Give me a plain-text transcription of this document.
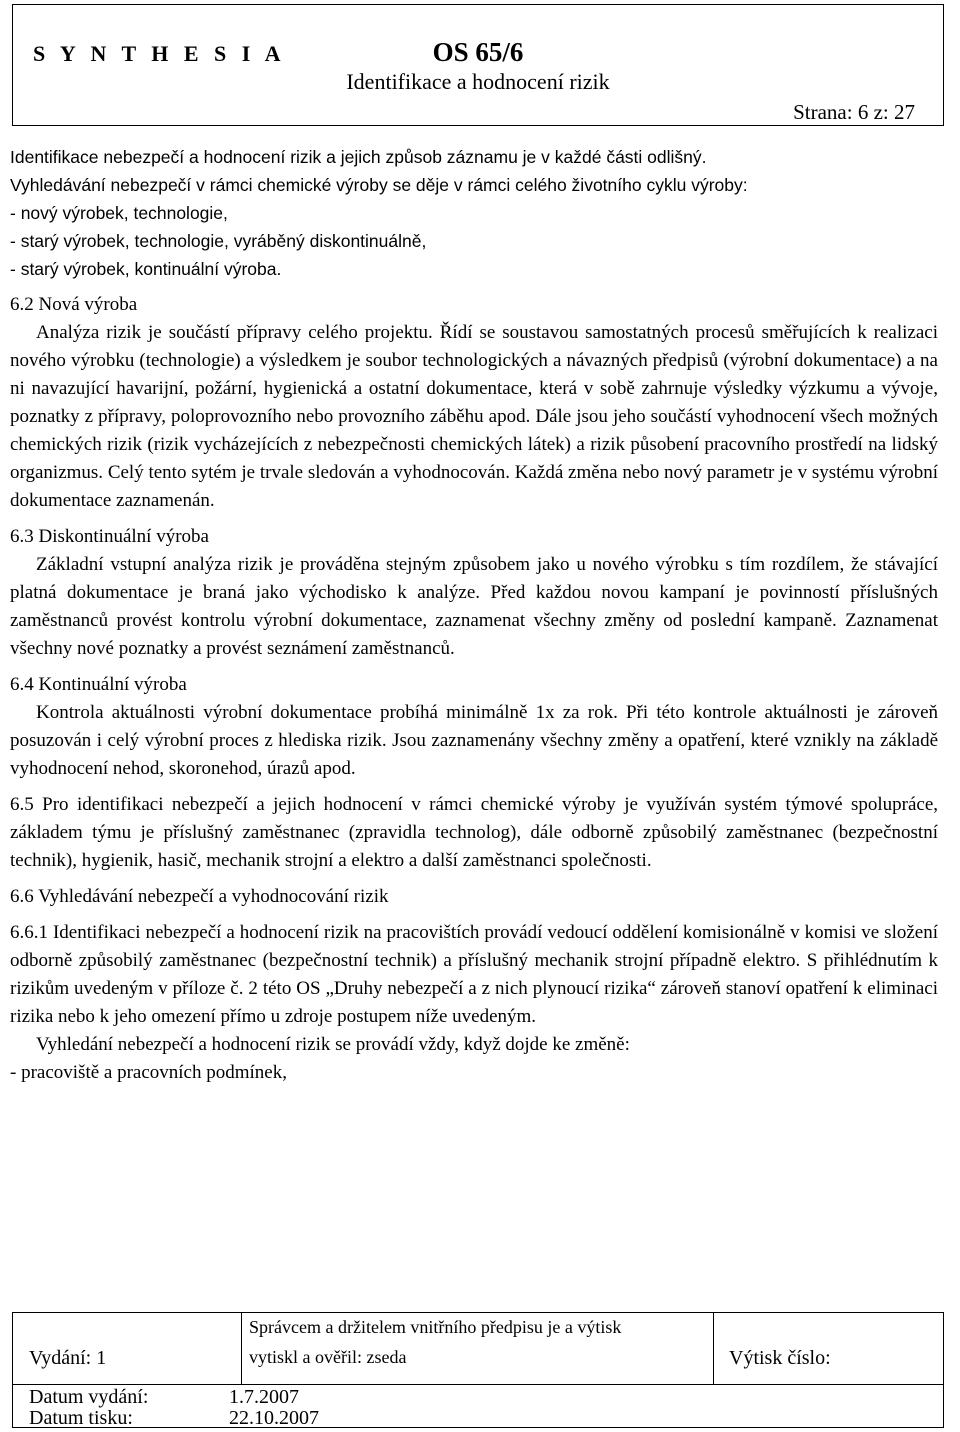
S Y N T H E S I A	OS 65/6
Identifikace a hodnocení rizik
Strana: 6 z: 27

Identifikace nebezpečí a hodnocení rizik a jejich způsob záznamu je v každé části odlišný.

Vyhledávání nebezpečí v rámci chemické výroby se děje v rámci celého životního cyklu výroby:

- nový výrobek, technologie,

- starý výrobek, technologie, vyráběný diskontinuálně,

- starý výrobek, kontinuální výroba.

6.2 Nová výroba

Analýza rizik je součástí přípravy celého projektu. Řídí se soustavou samostatných procesů směřujících k realizaci nového výrobku (technologie) a výsledkem je soubor technologických a návazných předpisů (výrobní dokumentace) a na ni navazující havarijní, požární, hygienická a ostatní dokumentace, která v sobě zahrnuje výsledky výzkumu a vývoje, poznatky z přípravy, poloprovozního nebo provozního záběhu apod. Dále jsou jeho součástí vyhodnocení všech možných chemických rizik (rizik vycházejících z nebezpečnosti chemických látek) a rizik působení pracovního prostředí na lidský organizmus. Celý tento sytém je trvale sledován a vyhodnocován. Každá změna nebo nový parametr je v systému výrobní dokumentace zaznamenán.

6.3 Diskontinuální výroba

Základní vstupní analýza rizik je prováděna stejným způsobem jako u nového výrobku s tím rozdílem, že stávající platná dokumentace je braná jako východisko k analýze. Před každou novou kampaní je povinností příslušných zaměstnanců provést kontrolu výrobní dokumentace, zaznamenat všechny změny od poslední kampaně. Zaznamenat všechny nové poznatky a provést seznámení zaměstnanců.

6.4 Kontinuální výroba

Kontrola aktuálnosti výrobní dokumentace probíhá minimálně 1x za rok. Při této kontrole aktuálnosti je zároveň posuzován i celý výrobní proces z hlediska rizik. Jsou zaznamenány všechny změny a opatření, které vznikly na základě vyhodnocení nehod, skoronehod, úrazů apod.

6.5 Pro identifikaci nebezpečí a jejich hodnocení v rámci chemické výroby je využíván systém týmové spolupráce, základem týmu je příslušný zaměstnanec (zpravidla technolog), dále odborně způsobilý zaměstnanec (bezpečnostní technik), hygienik, hasič, mechanik strojní a elektro a další zaměstnanci společnosti.

6.6 Vyhledávání nebezpečí a vyhodnocování rizik

6.6.1 Identifikaci nebezpečí a hodnocení rizik na pracovištích provádí vedoucí oddělení komisionálně v komisi ve složení odborně způsobilý zaměstnanec (bezpečnostní technik) a příslušný mechanik strojní případně elektro. S přihlédnutím k rizikům uvedeným v příloze č. 2 této OS „Druhy nebezpečí a z nich plynoucí rizika“ zároveň stanoví opatření k eliminaci rizika nebo k jeho omezení přímo u zdroje postupem níže uvedeným.

Vyhledání nebezpečí a hodnocení rizik se provádí vždy, když dojde ke změně:

- pracoviště a pracovních podmínek,

Vydání: 1
Správcem a držitelem vnitřního předpisu je a výtisk
vytiskl a ověřil: zseda	Výtisk číslo:
Datum vydání:	1.7.2007
Datum tisku:	22.10.2007
